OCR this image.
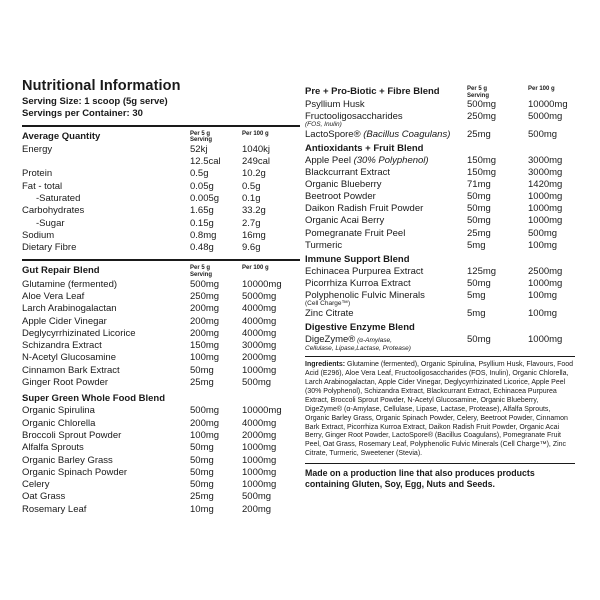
Nutritional Information
Serving Size: 1 scoop (5g serve)
Servings per Container: 30
Average Quantity	Per 5 g
Serving
Per 100 g
Energy	52kj	1040kj

12.5cal	249cal
Protein	0.5g	10.2g
Fat - total	0.05g	0.5g
-Saturated	0.005g	0.1g
Carbohydrates	1.65g	33.2g
-Sugar	0.15g	2.7g
Sodium	0.8mg	16mg
Dietary Fibre	0.48g	9.6g
Gut Repair Blend	Per 5 g
Serving
Per 100 g
Glutamine (fermented)	500mg	10000mg
Aloe Vera Leaf	250mg	5000mg
Larch Arabinogalactan	200mg	4000mg
Apple Cider Vinegar	200mg	4000mg
Deglycyrrhizinated Licorice	200mg	4000mg
Schizandra Extract	150mg	3000mg
N-Acetyl Glucosamine	100mg	2000mg
Cinnamon Bark Extract	50mg	1000mg
Ginger Root Powder	25mg	500mg
Super Green Whole Food Blend
Organic Spirulina	500mg	10000mg
Organic Chlorella	200mg	4000mg
Broccoli Sprout Powder	100mg	2000mg
Alfalfa Sprouts	50mg	1000mg
Organic Barley Grass	50mg	1000mg
Organic Spinach Powder	50mg	1000mg
Celery	50mg	1000mg
Oat Grass	25mg	500mg
Rosemary Leaf	10mg	200mg
Pre + Pro-Biotic + Fibre Blend	Per 5 g
Serving
Per 100 g
Psyllium Husk	500mg	10000mg
Fructooligosaccharides
(FOS, Inulin)
250mg	5000mg
LactoSpore® (Bacillus Coagulans)	25mg	500mg
Antioxidants + Fruit Blend
Apple Peel (30% Polyphenol)	150mg	3000mg
Blackcurrant Extract	150mg	3000mg
Organic Blueberry	71mg	1420mg
Beetroot Powder	50mg	1000mg
Daikon Radish Fruit Powder	50mg	1000mg
Organic Acai Berry	50mg	1000mg
Pomegranate Fruit Peel	25mg	500mg
Turmeric	5mg	100mg
Immune Support Blend
Echinacea Purpurea Extract	125mg	2500mg
Picorrhiza Kurroa Extract	50mg	1000mg
Polyphenolic Fulvic Minerals
(Cell Charge™)
5mg	100mg
Zinc Citrate	5mg	100mg
Digestive Enzyme Blend
DigeZyme® (α-Amylase,
Cellulase, Lipase,Lactase, Protease)
50mg	1000mg

Ingredients: Glutamine (fermented), Organic Spirulina, Psyllium Husk, Flavours, Food Acid (E296), Aloe Vera Leaf, Fructooligosaccharides (FOS, Inulin), Organic Chlorella, Larch Arabinogalactan, Apple Cider Vinegar, Deglycyrrhizinated Licorice, Apple Peel (30% Polyphenol), Schizandra Extract, Blackcurrant Extract, Echinacea Purpurea Extract, Broccoli Sprout Powder, N-Acetyl Glucosamine, Organic Blueberry, DigeZyme® (α-Amylase, Cellulase, Lipase, Lactase, Protease), Alfalfa Sprouts, Organic Barley Grass, Organic Spinach Powder, Celery, Beetroot Powder, Cinnamon Bark Extract, Picorrhiza Kurroa Extract, Daikon Radish Fruit Powder, Organic Acai Berry, Ginger Root Powder, LactoSpore® (Bacillus Coagulans), Pomegranate Fruit Peel, Oat Grass, Rosemary Leaf, Polyphenolic Fulvic Minerals (Cell Charge™), Zinc Citrate, Turmeric, Sweetener (Stevia).

Made on a production line that also produces products containing Gluten, Soy, Egg, Nuts and Seeds.
